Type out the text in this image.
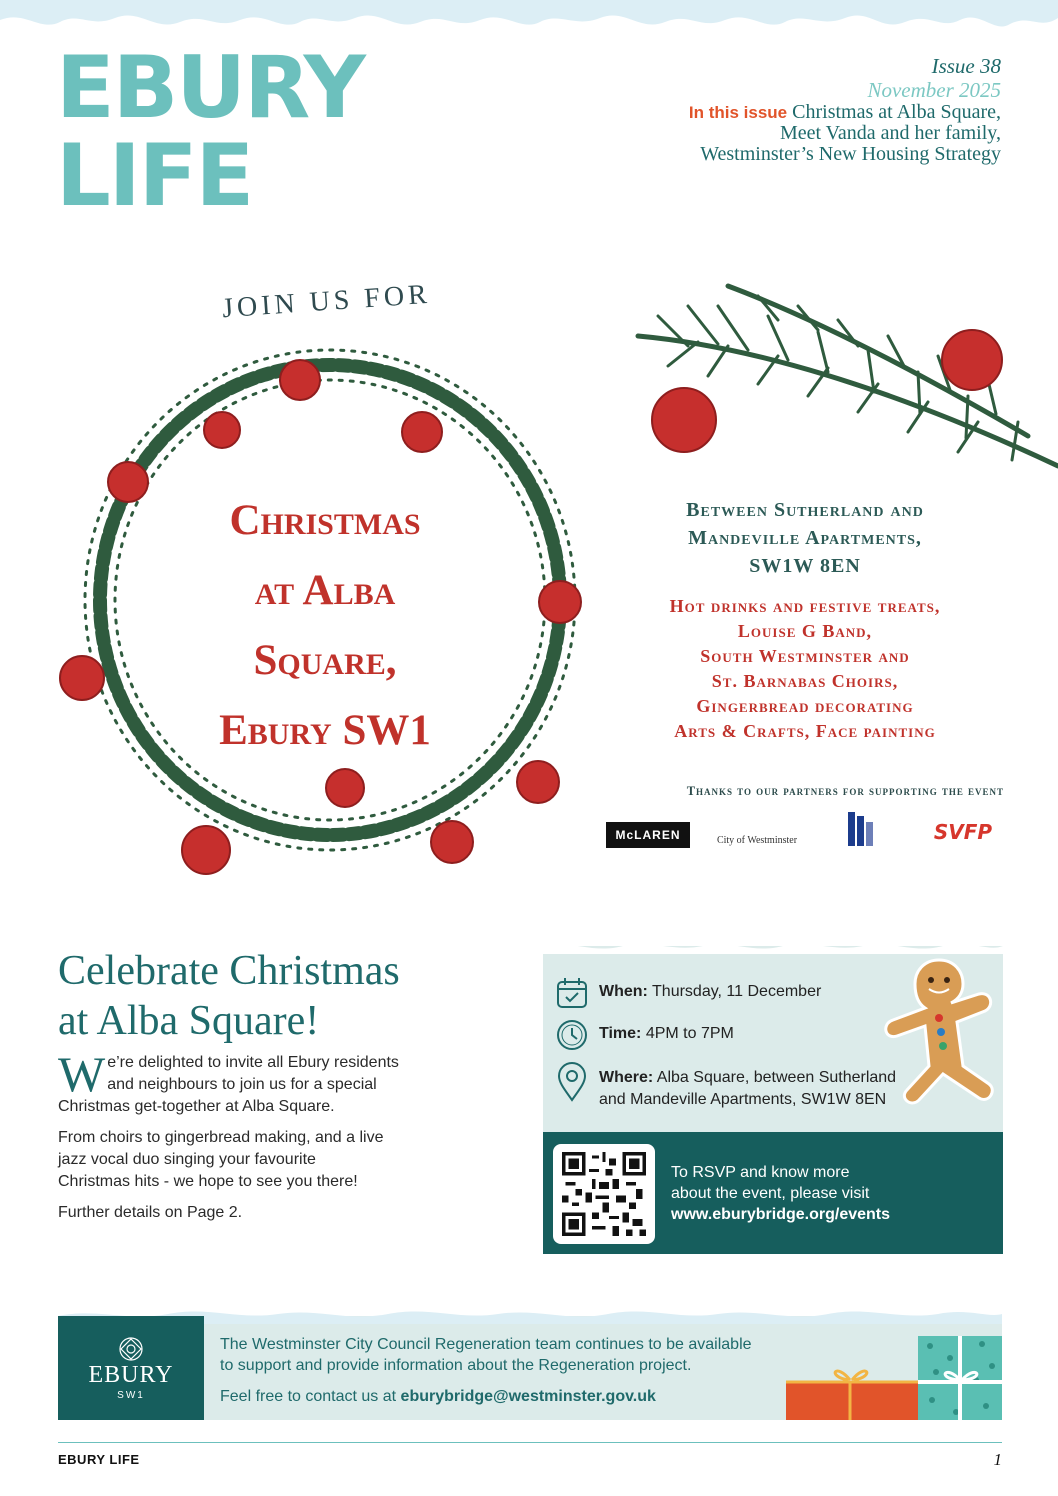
EBURY
LIFE
Issue 38
November 2025
In this issue Christmas at Alba Square,
Meet Vanda and her family,
Westminster’s New Housing Strategy
JOIN US FOR
Christmas
at Alba
Square,
Ebury SW1
Between Sutherland and
Mandeville Apartments,
SW1W 8EN
Hot drinks and festive treats,
Louise G Band,
South Westminster and
St. Barnabas Choirs,
Gingerbread decorating
Arts & Crafts, Face painting
Thanks to our partners for supporting the event
McLAREN	City of Westminster	SVFP
Celebrate Christmas
at Alba Square!

We’re delighted to invite all Ebury residents and neighbours to join us for a special Christmas get-together at Alba Square.

From choirs to gingerbread making, and a live jazz vocal duo singing your favourite Christmas hits - we hope to see you there!

Further details on Page 2.

When: Thursday, 11 December
Time: 4PM to 7PM
Where: Alba Square, between Sutherland
and Mandeville Apartments, SW1W 8EN
To RSVP and know more
about the event, please visit
www.eburybridge.org/events
EBURY
SW1
The Westminster City Council Regeneration team continues to be available
to support and provide information about the Regeneration project.
Feel free to contact us at eburybridge@westminster.gov.uk
EBURY LIFE	1
